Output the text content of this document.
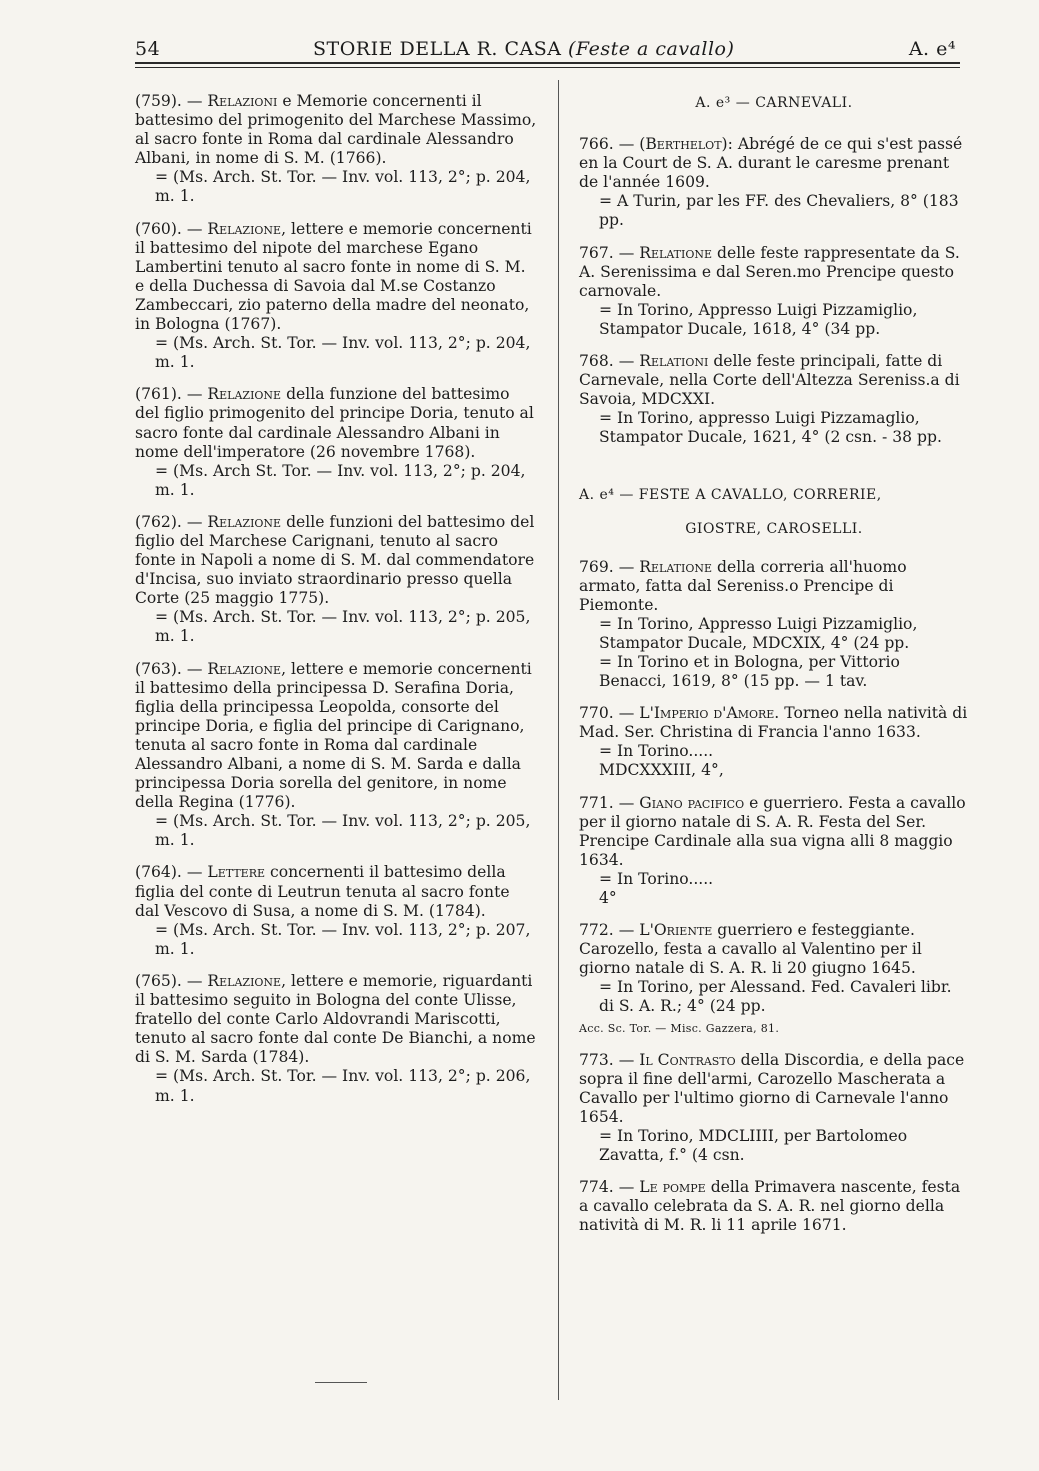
54	STORIE DELLA R. CASA (Feste a cavallo)	A. e⁴

(759). — Relazioni e Memorie concernenti il battesimo del primogenito del Marchese Massimo, al sacro fonte in Roma dal cardinale Alessandro Albani, in nome di S. M. (1766).

= (Ms. Arch. St. Tor. — Inv. vol. 113, 2°; p. 204, m. 1.

(760). — Relazione, lettere e memorie concernenti il battesimo del nipote del marchese Egano Lambertini tenuto al sacro fonte in nome di S. M. e della Duchessa di Savoia dal M.se Costanzo Zambeccari, zio paterno della madre del neonato, in Bologna (1767).

= (Ms. Arch. St. Tor. — Inv. vol. 113, 2°; p. 204, m. 1.

(761). — Relazione della funzione del battesimo del figlio primogenito del principe Doria, tenuto al sacro fonte dal cardinale Alessandro Albani in nome dell'imperatore (26 novembre 1768).

= (Ms. Arch St. Tor. — Inv. vol. 113, 2°; p. 204, m. 1.

(762). — Relazione delle funzioni del battesimo del figlio del Marchese Carignani, tenuto al sacro fonte in Napoli a nome di S. M. dal commendatore d'Incisa, suo inviato straordinario presso quella Corte (25 maggio 1775).

= (Ms. Arch. St. Tor. — Inv. vol. 113, 2°; p. 205, m. 1.

(763). — Relazione, lettere e memorie concernenti il battesimo della principessa D. Serafina Doria, figlia della principessa Leopolda, consorte del principe Doria, e figlia del principe di Carignano, tenuta al sacro fonte in Roma dal cardinale Alessandro Albani, a nome di S. M. Sarda e dalla principessa Doria sorella del genitore, in nome della Regina (1776).

= (Ms. Arch. St. Tor. — Inv. vol. 113, 2°; p. 205, m. 1.

(764). — Lettere concernenti il battesimo della figlia del conte di Leutrun tenuta al sacro fonte dal Vescovo di Susa, a nome di S. M. (1784).

= (Ms. Arch. St. Tor. — Inv. vol. 113, 2°; p. 207, m. 1.

(765). — Relazione, lettere e memorie, riguardanti il battesimo seguito in Bologna del conte Ulisse, fratello del conte Carlo Aldovrandi Mariscotti, tenuto al sacro fonte dal conte De Bianchi, a nome di S. M. Sarda (1784).

= (Ms. Arch. St. Tor. — Inv. vol. 113, 2°; p. 206, m. 1.

A. e³ — CARNEVALI.

766. — (Berthelot): Abrégé de ce qui s'est passé en la Court de S. A. durant le caresme prenant de l'année 1609.

= A Turin, par les FF. des Chevaliers, 8° (183 pp.

767. — Relatione delle feste rappresentate da S. A. Serenissima e dal Seren.mo Prencipe questo carnovale.

= In Torino, Appresso Luigi Pizzamiglio, Stampator Ducale, 1618, 4° (34 pp.

768. — Relationi delle feste principali, fatte di Carnevale, nella Corte dell'Altezza Sereniss.a di Savoia, MDCXXI.

= In Torino, appresso Luigi Pizzamaglio, Stampator Ducale, 1621, 4° (2 csn. - 38 pp.

A. e⁴ — FESTE A CAVALLO, CORRERIE,
GIOSTRE, CAROSELLI.

769. — Relatione della correria all'huomo armato, fatta dal Sereniss.o Prencipe di Piemonte.

= In Torino, Appresso Luigi Pizzamiglio, Stampator Ducale, MDCXIX, 4° (24 pp.

= In Torino et in Bologna, per Vittorio Benacci, 1619, 8° (15 pp. — 1 tav.

770. — L'Imperio d'Amore. Torneo nella natività di Mad. Ser. Christina di Francia l'anno 1633.

= In Torino.....

MDCXXXIII, 4°,

771. — Giano pacifico e guerriero. Festa a cavallo per il giorno natale di S. A. R. Festa del Ser. Prencipe Cardinale alla sua vigna alli 8 maggio 1634.

= In Torino.....

4°

772. — L'Oriente guerriero e festeggiante. Carozello, festa a cavallo al Valentino per il giorno natale di S. A. R. li 20 giugno 1645.

= In Torino, per Alessand. Fed. Cavaleri libr. di S. A. R.; 4° (24 pp.

Acc. Sc. Tor. — Misc. Gazzera, 81.

773. — Il Contrasto della Discordia, e della pace sopra il fine dell'armi, Carozello Mascherata a Cavallo per l'ultimo giorno di Carnevale l'anno 1654.

= In Torino, MDCLIIII, per Bartolomeo Zavatta, f.° (4 csn.

774. — Le pompe della Primavera nascente, festa a cavallo celebrata da S. A. R. nel giorno della natività di M. R. li 11 aprile 1671.
